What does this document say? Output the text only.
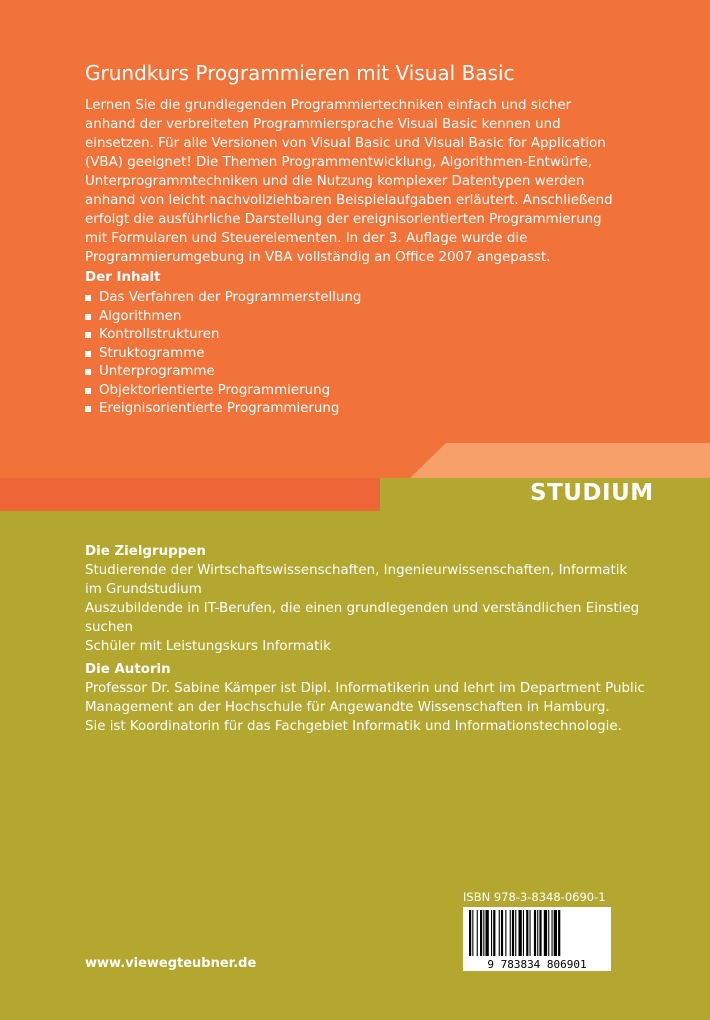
Grundkurs Programmieren mit Visual Basic

Lernen Sie die grundlegenden Programmiertechniken einfach und sicher anhand der verbreiteten Programmiersprache Visual Basic kennen und einsetzen. Für alle Versionen von Visual Basic und Visual Basic for Application (VBA) geeignet! Die Themen Programmentwicklung, Algorithmen-Entwürfe, Unterprogrammtechniken und die Nutzung komplexer Datentypen werden anhand von leicht nachvollziehbaren Beispielaufgaben erläutert. Anschließend erfolgt die ausführliche Darstellung der ereignisorientierten Programmierung mit Formularen und Steuerelementen. In der 3. Auflage wurde die Programmierumgebung in VBA vollständig an Office 2007 angepasst.

Der Inhalt
Das Verfahren der Programmerstellung
Algorithmen
Kontrollstrukturen
Struktogramme
Unterprogramme
Objektorientierte Programmierung
Ereignisorientierte Programmierung
STUDIUM
Die Zielgruppen

Studierende der Wirtschaftswissenschaften, Ingenieurwissenschaften, Informatik im Grundstudium

Auszubildende in IT-Berufen, die einen grundlegenden und verständlichen Einstieg suchen

Schüler mit Leistungskurs Informatik

Die Autorin

Professor Dr. Sabine Kämper ist Dipl. Informatikerin und lehrt im Department Public Management an der Hochschule für Angewandte Wissenschaften in Hamburg.

Sie ist Koordinatorin für das Fachgebiet Informatik und Informationstechnologie.

www.viewegteubner.de
ISBN 978-3-8348-0690-1
9 783834 806901
